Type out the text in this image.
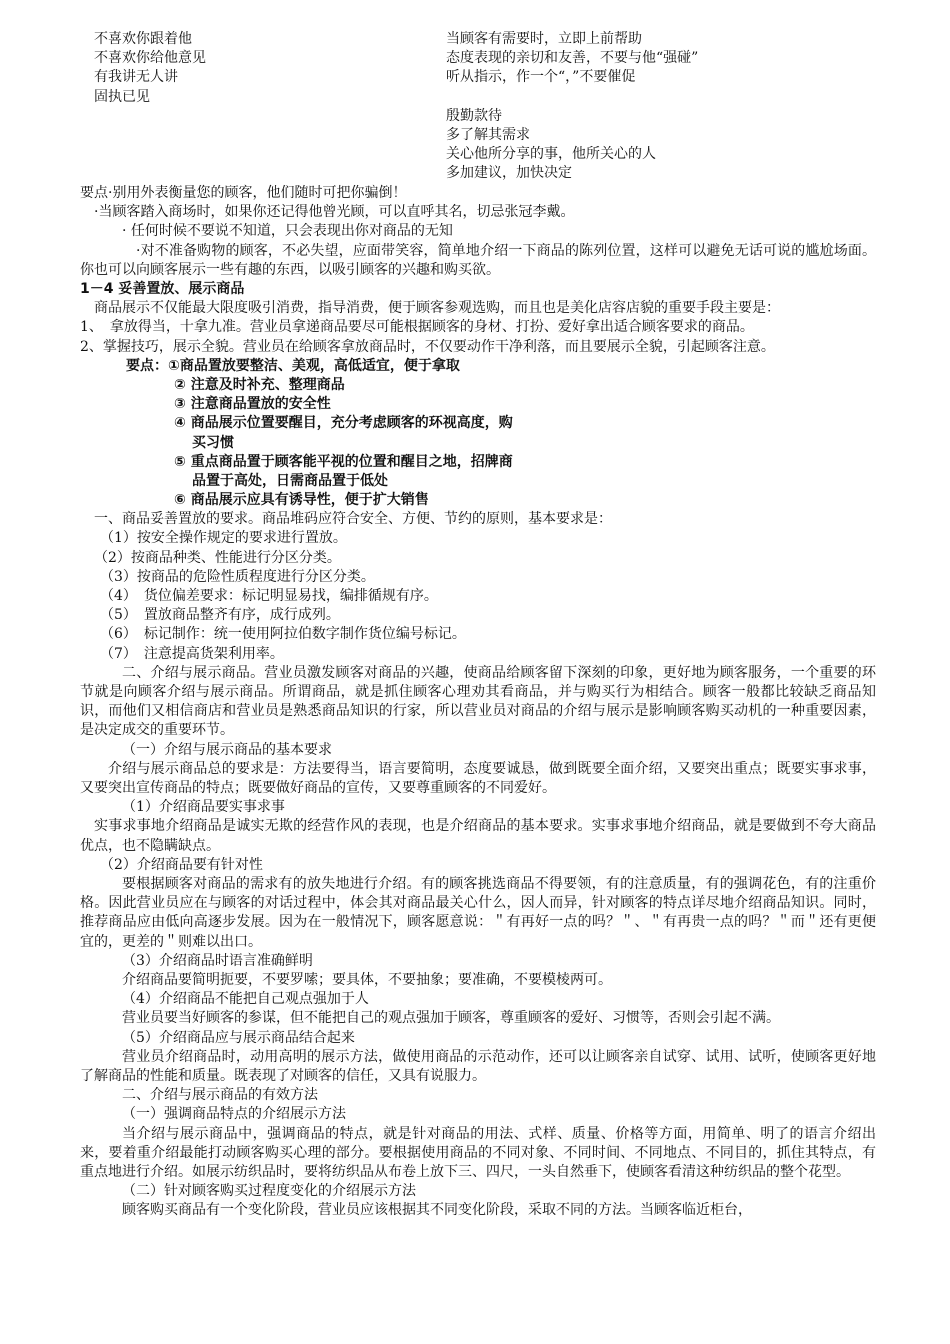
不喜欢你跟着他

不喜欢你给他意见

有我讲无人讲

固执已见

当顾客有需要时，立即上前帮助

态度表现的亲切和友善，不要与他“强碰”

听从指示，作一个“，”不要催促

殷勤款待

多了解其需求

关心他所分享的事，他所关心的人

多加建议，加快决定

要点·别用外表衡量您的顾客，他们随时可把你骗倒！

·当顾客踏入商场时，如果你还记得他曾光顾，可以直呼其名，切忌张冠李戴。

· 任何时候不要说不知道，只会表现出你对商品的无知

·对不准备购物的顾客，不必失望，应面带笑容，简单地介绍一下商品的陈列位置，这样可以避免无话可说的尴尬场面。你也可以向顾客展示一些有趣的东西，以吸引顾客的兴趣和购买欲。

1－4 妥善置放、展示商品

商品展示不仅能最大限度吸引消费，指导消费，便于顾客参观选购，而且也是美化店容店貌的重要手段主要是：

1、　拿放得当，十拿九准。营业员拿递商品要尽可能根据顾客的身材、打扮、爱好拿出适合顾客要求的商品。

2、掌握技巧，展示全貌。营业员在给顾客拿放商品时，不仅要动作干净利落，而且要展示全貌，引起顾客注意。

要点：①商品置放要整洁、美观，高低适宜，便于拿取

② 注意及时补充、整理商品

③ 注意商品置放的安全性

④ 商品展示位置要醒目，充分考虑顾客的环视高度，购

买习惯

⑤ 重点商品置于顾客能平视的位置和醒目之地，招牌商

品置于高处，日需商品置于低处

⑥ 商品展示应具有诱导性，便于扩大销售

一、商品妥善置放的要求。商品堆码应符合安全、方便、节约的原则，基本要求是：

（1）按安全操作规定的要求进行置放。

（2）按商品种类、性能进行分区分类。

（3）按商品的危险性质程度进行分区分类。

（4）　货位偏差要求：标记明显易找，编排循规有序。

（5）　置放商品整齐有序，成行成列。

（6）　标记制作：统一使用阿拉伯数字制作货位编号标记。

（7）　注意提高货架利用率。

二、介绍与展示商品。营业员激发顾客对商品的兴趣，使商品给顾客留下深刻的印象，更好地为顾客服务，一个重要的环节就是向顾客介绍与展示商品。所谓商品，就是抓住顾客心理劝其看商品，并与购买行为相结合。顾客一般都比较缺乏商品知识，而他们又相信商店和营业员是熟悉商品知识的行家，所以营业员对商品的介绍与展示是影响顾客购买动机的一种重要因素，是决定成交的重要环节。

（一）介绍与展示商品的基本要求

介绍与展示商品总的要求是：方法要得当，语言要简明，态度要诚恳，做到既要全面介绍，又要突出重点；既要实事求事，又要突出宣传商品的特点；既要做好商品的宣传，又要尊重顾客的不同爱好。

（1）介绍商品要实事求事

实事求事地介绍商品是诚实无欺的经营作风的表现，也是介绍商品的基本要求。实事求事地介绍商品，就是要做到不夸大商品优点，也不隐瞒缺点。

（2）介绍商品要有针对性

要根据顾客对商品的需求有的放失地进行介绍。有的顾客挑选商品不得要领，有的注意质量，有的强调花色，有的注重价格。因此营业员应在与顾客的对话过程中，体会其对商品最关心什么，因人而异，针对顾客的特点详尽地介绍商品知识。同时，推荐商品应由低向高逐步发展。因为在一般情况下，顾客愿意说：＂有再好一点的吗？＂、＂有再贵一点的吗？＂而＂还有更便宜的，更差的＂则难以出口。

（3）介绍商品时语言准确鲜明

介绍商品要简明扼要，不要罗嗦；要具体，不要抽象；要准确，不要模棱两可。

（4）介绍商品不能把自己观点强加于人

营业员要当好顾客的参谋，但不能把自己的观点强加于顾客，尊重顾客的爱好、习惯等，否则会引起不满。

（5）介绍商品应与展示商品结合起来

营业员介绍商品时，动用高明的展示方法，做使用商品的示范动作，还可以让顾客亲自试穿、试用、试听，使顾客更好地了解商品的性能和质量。既表现了对顾客的信任，又具有说服力。

二、介绍与展示商品的有效方法

（一）强调商品特点的介绍展示方法

当介绍与展示商品中，强调商品的特点，就是针对商品的用法、式样、质量、价格等方面，用简单、明了的语言介绍出来，要着重介绍最能打动顾客购买心理的部分。要根据使用商品的不同对象、不同时间、不同地点、不同目的，抓住其特点，有重点地进行介绍。如展示纺织品时，要将纺织品从布卷上放下三、四尺，一头自然垂下，使顾客看清这种纺织品的整个花型。

（二）针对顾客购买过程度变化的介绍展示方法

顾客购买商品有一个变化阶段，营业员应该根据其不同变化阶段，采取不同的方法。当顾客临近柜台，
